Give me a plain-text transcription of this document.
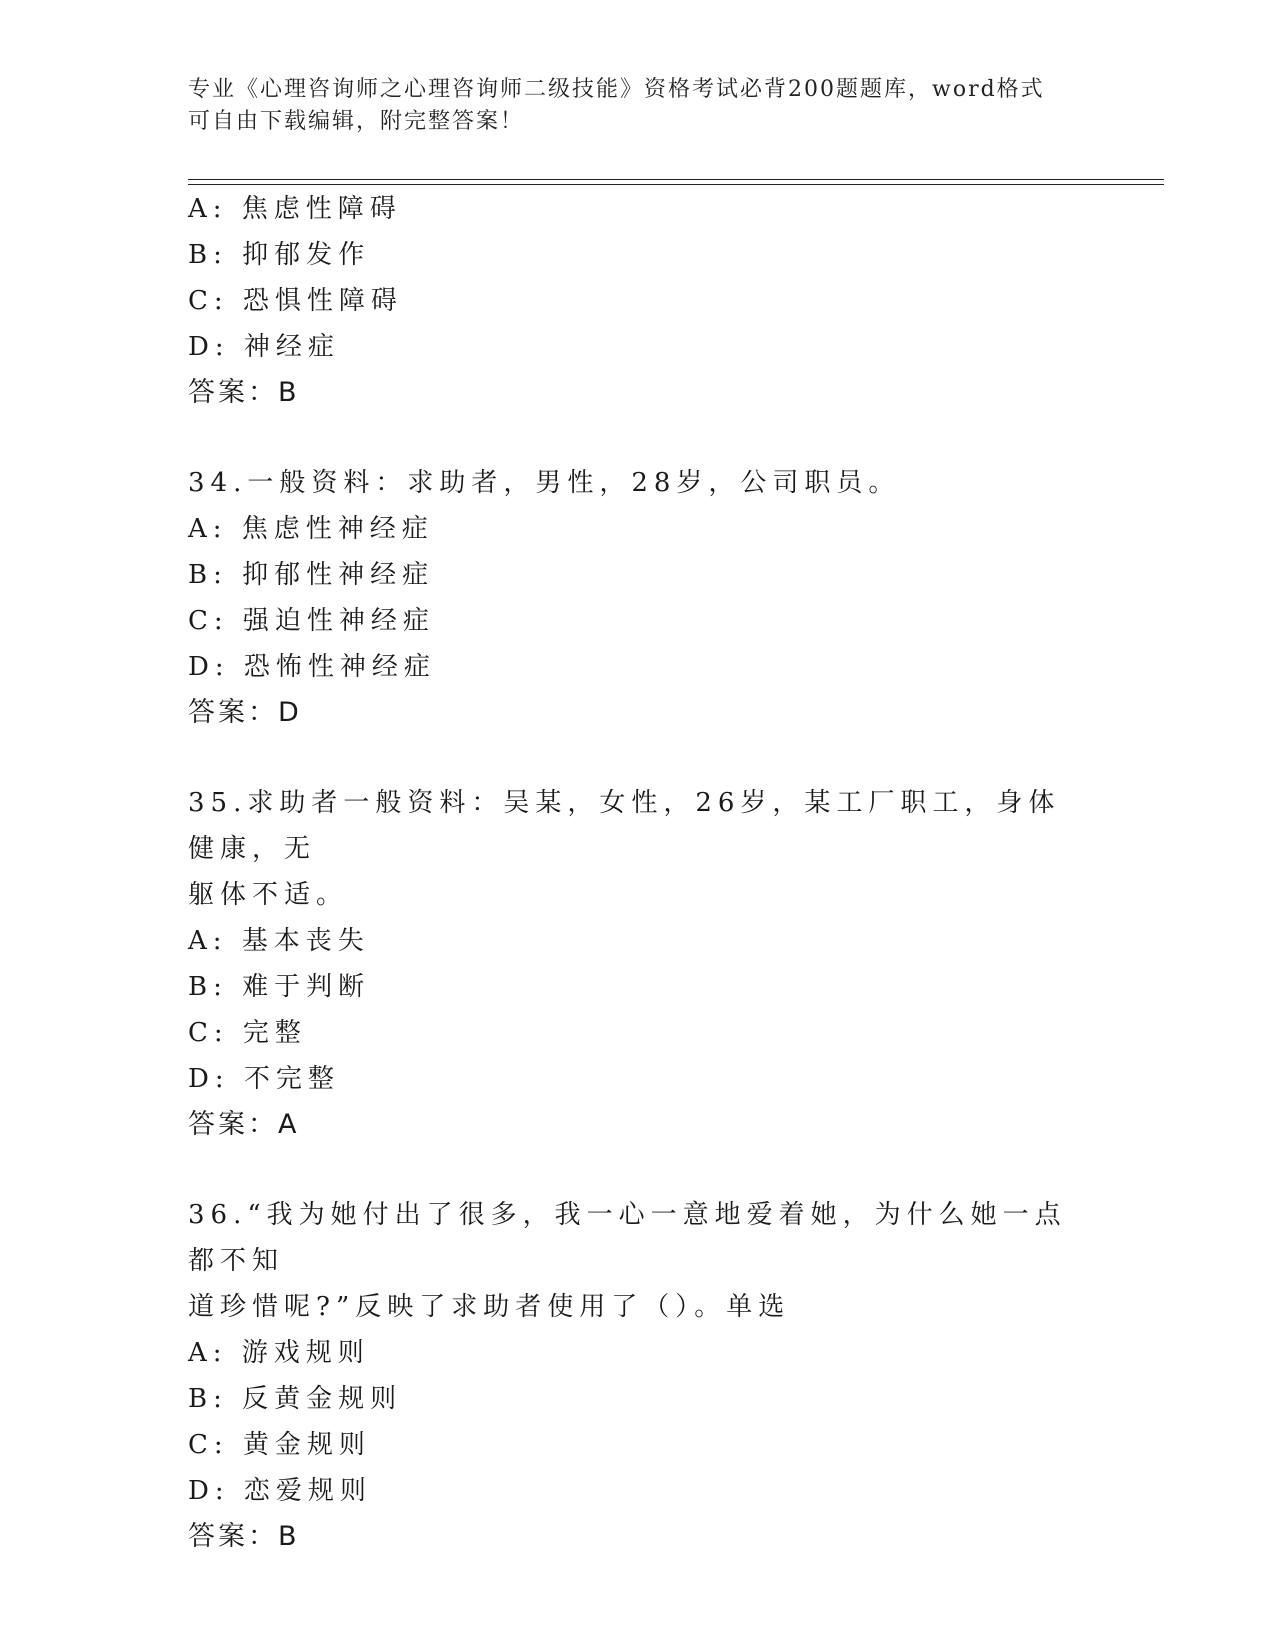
专业《心理咨询师之心理咨询师二级技能》资格考试必背200题题库，word格式
可自由下载编辑，附完整答案！
A: 焦虑性障碍
B: 抑郁发作
C: 恐惧性障碍
D: 神经症
答案：B
34.一般资料：求助者，男性，28岁，公司职员。
A: 焦虑性神经症
B: 抑郁性神经症
C: 强迫性神经症
D: 恐怖性神经症
答案：D
35.求助者一般资料：吴某，女性，26岁，某工厂职工，身体健康，无
躯体不适。
A: 基本丧失
B: 难于判断
C: 完整
D: 不完整
答案：A
36.“我为她付出了很多，我一心一意地爱着她，为什么她一点都不知
道珍惜呢?”反映了求助者使用了（）。单选
A: 游戏规则
B: 反黄金规则
C: 黄金规则
D: 恋爱规则
答案：B
